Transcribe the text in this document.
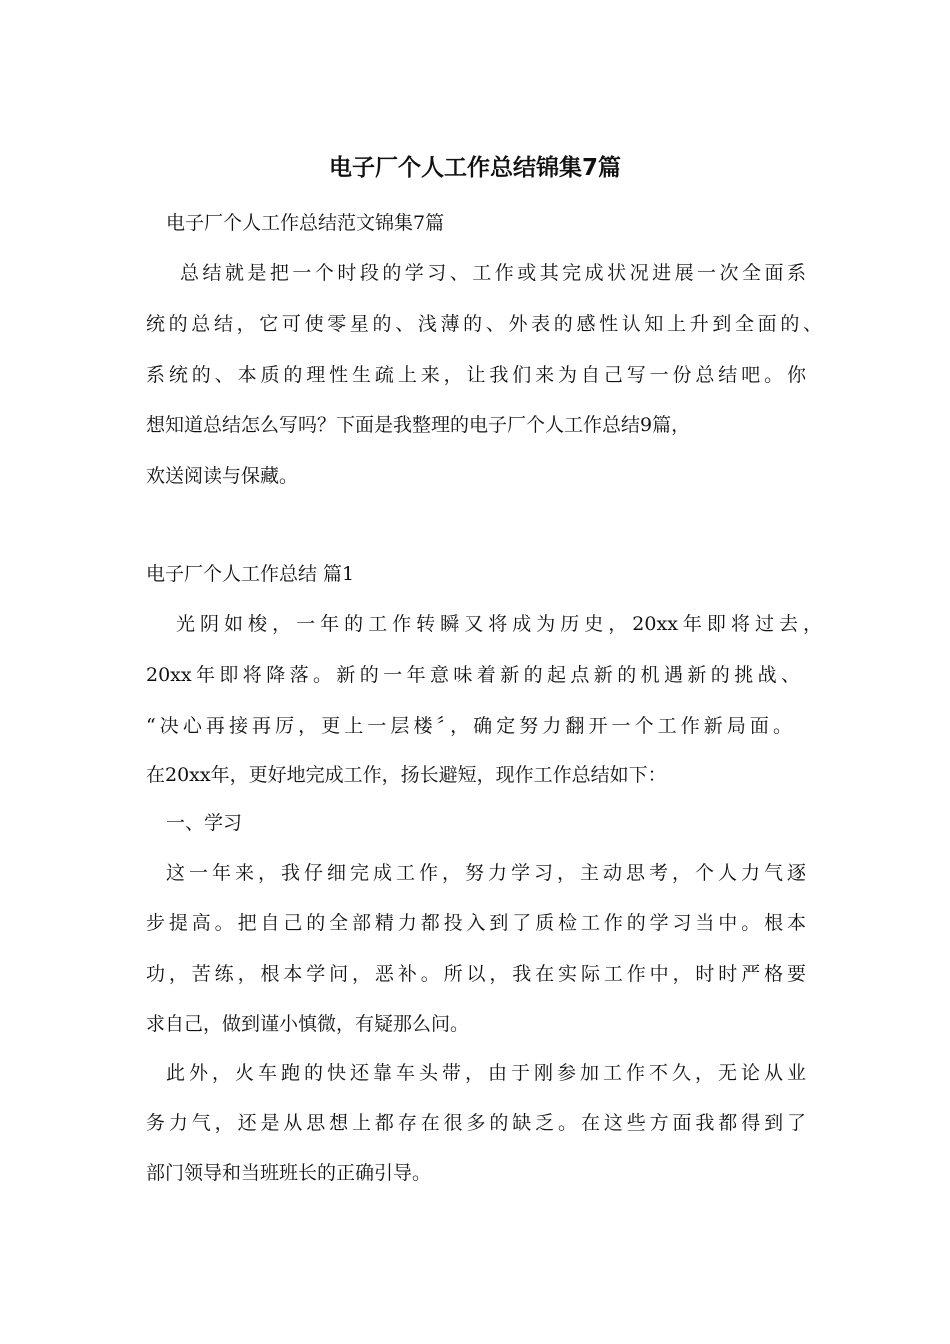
电子厂个人工作总结锦集7篇

电子厂个人工作总结范文锦集7篇

总结就是把一个时段的学习、工作或其完成状况进展一次全面系

统的总结，它可使零星的、浅薄的、外表的感性认知上升到全面的、

系统的、本质的理性生疏上来，让我们来为自己写一份总结吧。你

想知道总结怎么写吗？下面是我整理的电子厂个人工作总结9篇，

欢送阅读与保藏。

电子厂个人工作总结 篇1

光阴如梭，一年的工作转瞬又将成为历史，20xx年即将过去，

20xx年即将降落。新的一年意味着新的起点新的机遇新的挑战、

“决心再接再厉，更上一层楼〞，确定努力翻开一个工作新局面。

在20xx年，更好地完成工作，扬长避短，现作工作总结如下：

一、学习

这一年来，我仔细完成工作，努力学习，主动思考，个人力气逐

步提高。把自己的全部精力都投入到了质检工作的学习当中。根本

功，苦练，根本学问，恶补。所以，我在实际工作中，时时严格要

求自己，做到谨小慎微，有疑那么问。

此外，火车跑的快还靠车头带，由于刚参加工作不久，无论从业

务力气，还是从思想上都存在很多的缺乏。在这些方面我都得到了

部门领导和当班班长的正确引导。
